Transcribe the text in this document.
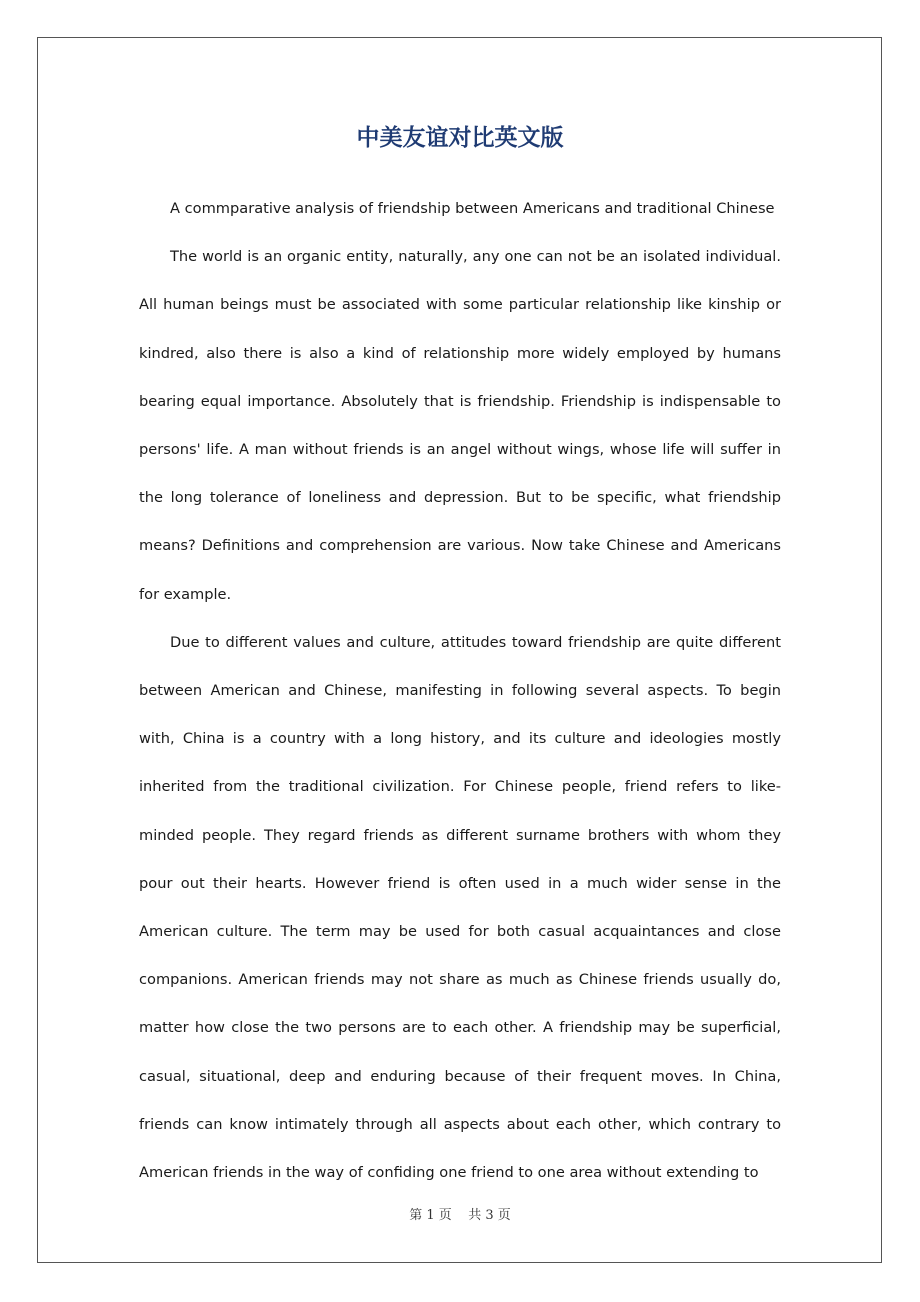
中美友谊对比英文版

A commparative analysis of friendship between Americans and traditional Chinese

The world is an organic entity, naturally, any one can not be an isolated individual. All human beings must be associated with some particular relationship like kinship or kindred, also there is also a kind of relationship more widely employed by humans bearing equal importance. Absolutely that is friendship. Friendship is indispensable to persons' life. A man without friends is an angel without wings, whose life will suffer in the long tolerance of loneliness and depression. But to be specific, what friendship means? Definitions and comprehension are various. Now take Chinese and Americans for example.

Due to different values and culture, attitudes toward friendship are quite different between American and Chinese, manifesting in following several aspects. To begin with, China is a country with a long history, and its culture and ideologies mostly inherited from the traditional civilization. For Chinese people, friend refers to like-minded people. They regard friends as different surname brothers with whom they pour out their hearts. However friend is often used in a much wider sense in the American culture. The term may be used for both casual acquaintances and close companions. American friends may not share as much as Chinese friends usually do, matter how close the two persons are to each other. A friendship may be superficial, casual, situational, deep and enduring because of their frequent moves. In China, friends can know intimately through all aspects about each other, which contrary to American friends in the way of confiding one friend to one area without extending to

第 1 页 共 3 页
